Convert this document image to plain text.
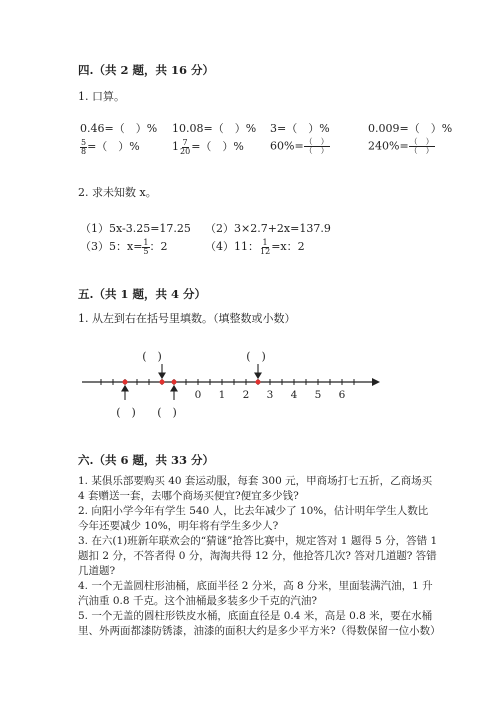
四.（共 2 题，共 16 分）
1. 口算。
0.46=（　）% 10.08=（　）% 3=（　）%	0.009=（　）%
$\frac{5}{8}$ =（　）%	$1 \frac{7}{20}$ =（　）% $60\%= \frac{( )}{( )}$	$240\%= \frac{( )}{( )}$
2. 求未知数 x。
（1）5x-3.25=17.25 （2）3×2.7+2x=137.9
（3）5：$x= \frac{1}{5}$ ：2	（4）11： $\frac{1}{12} =x$：2
五.（共 1 题，共 4 分）
1. 从左到右在括号里填数。（填整数或小数）
0 1 2 3 4 5 6
(　)	(　)
(　) (　)
六.（共 6 题，共 33 分）
1. 某俱乐部要购买 40 套运动服，每套 300 元，甲商场打七五折，乙商场买 4 套赠送一套，去哪个商场买便宜?便宜多少钱?
2. 向阳小学今年有学生 540 人，比去年减少了 10%，估计明年学生人数比今年还要减少 10%，明年将有学生多少人?
3. 在六(1)班新年联欢会的“猜谜”抢答比赛中，规定答对 1 题得 5 分，答错 1 题扣 2 分，不答者得 0 分，淘淘共得 12 分，他抢答几次? 答对几道题? 答错几道题?
4. 一个无盖圆柱形油桶，底面半径 2 分米，高 8 分米，里面装满汽油，1 升汽油重 0.8 千克。这个油桶最多装多少千克的汽油?
5. 一个无盖的圆柱形铁皮水桶，底面直径是 0.4 米，高是 0.8 米，要在水桶里、外两面都漆防锈漆，油漆的面积大约是多少平方米?（得数保留一位小数）
